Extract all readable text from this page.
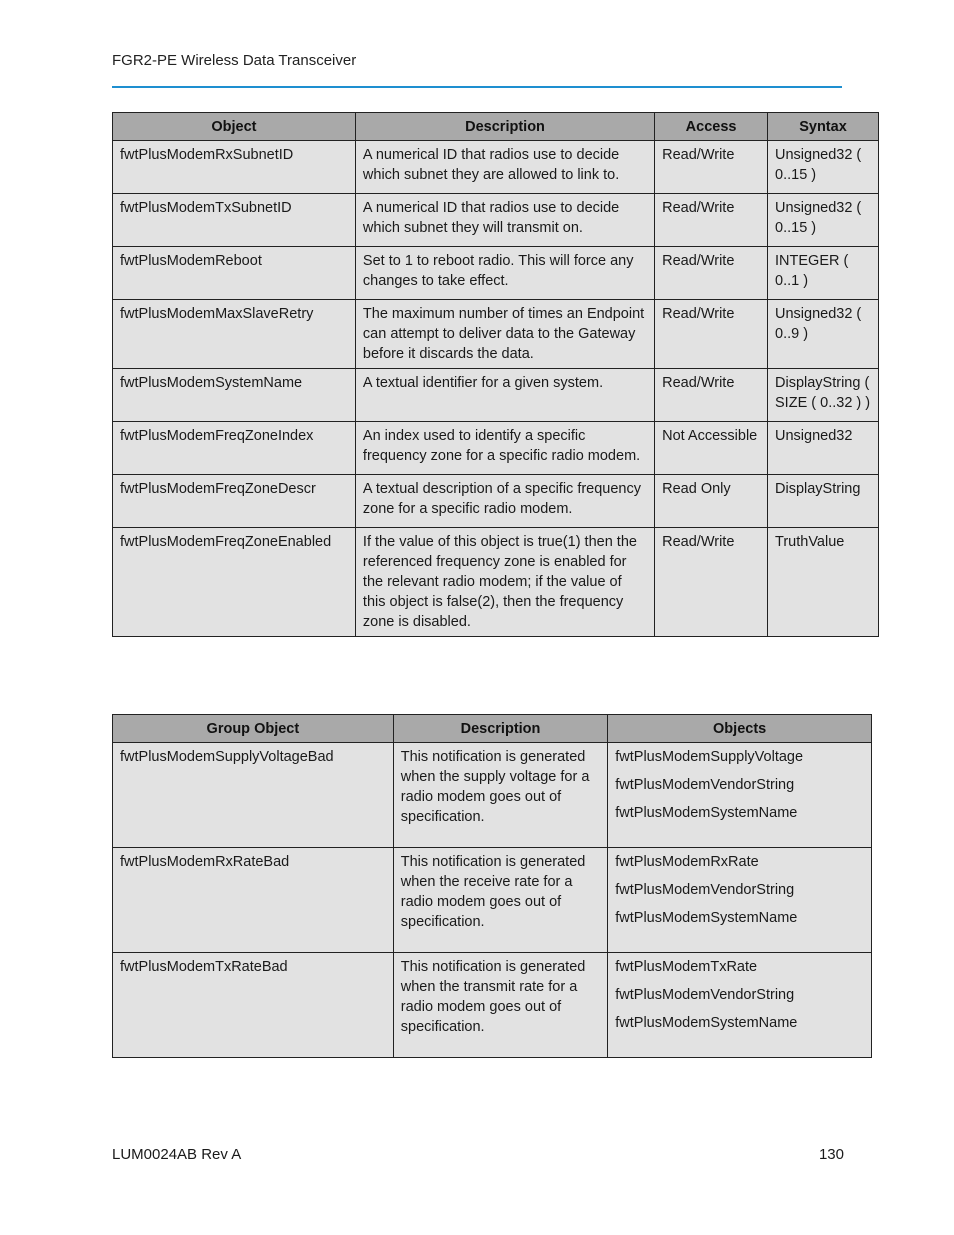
FGR2-PE Wireless Data Transceiver
Object	Description	Access	Syntax
fwtPlusModemRxSubnetID	A numerical ID that radios use to decide which subnet they are allowed to link to.	Read/Write	Unsigned32 ( 0..15 )
fwtPlusModemTxSubnetID	A numerical ID that radios use to decide which subnet they will transmit on.	Read/Write	Unsigned32 ( 0..15 )
fwtPlusModemReboot	Set to 1 to reboot radio. This will force any changes to take effect.	Read/Write	INTEGER ( 0..1 )
fwtPlusModemMaxSlaveRetry	The maximum number of times an Endpoint can attempt to deliver data to the Gateway before it discards the data.	Read/Write	Unsigned32 ( 0..9 )
fwtPlusModemSystemName	A textual identifier for a given system.	Read/Write	DisplayString ( SIZE ( 0..32 ) )
fwtPlusModemFreqZoneIndex	An index used to identify a specific frequency zone for a specific radio modem.	Not Accessible	Unsigned32
fwtPlusModemFreqZoneDescr	A textual description of a specific frequency zone for a specific radio modem.	Read Only	DisplayString
fwtPlusModemFreqZoneEnabled	If the value of this object is true(1) then the referenced frequency zone is enabled for the relevant radio modem; if the value of this object is false(2), then the frequency zone is disabled.	Read/Write	TruthValue
Group Object	Description	Objects
fwtPlusModemSupplyVoltageBad	This notification is generated when the supply voltage for a radio modem goes out of specification.	fwtPlusModemSupplyVoltage
fwtPlusModemVendorString
fwtPlusModemSystemName

fwtPlusModemRxRateBad	This notification is generated when the receive rate for a radio modem goes out of specification.	fwtPlusModemRxRate
fwtPlusModemVendorString
fwtPlusModemSystemName

fwtPlusModemTxRateBad	This notification is generated when the transmit rate for a radio modem goes out of specification.	fwtPlusModemTxRate
fwtPlusModemVendorString
fwtPlusModemSystemName
LUM0024AB Rev A	130
